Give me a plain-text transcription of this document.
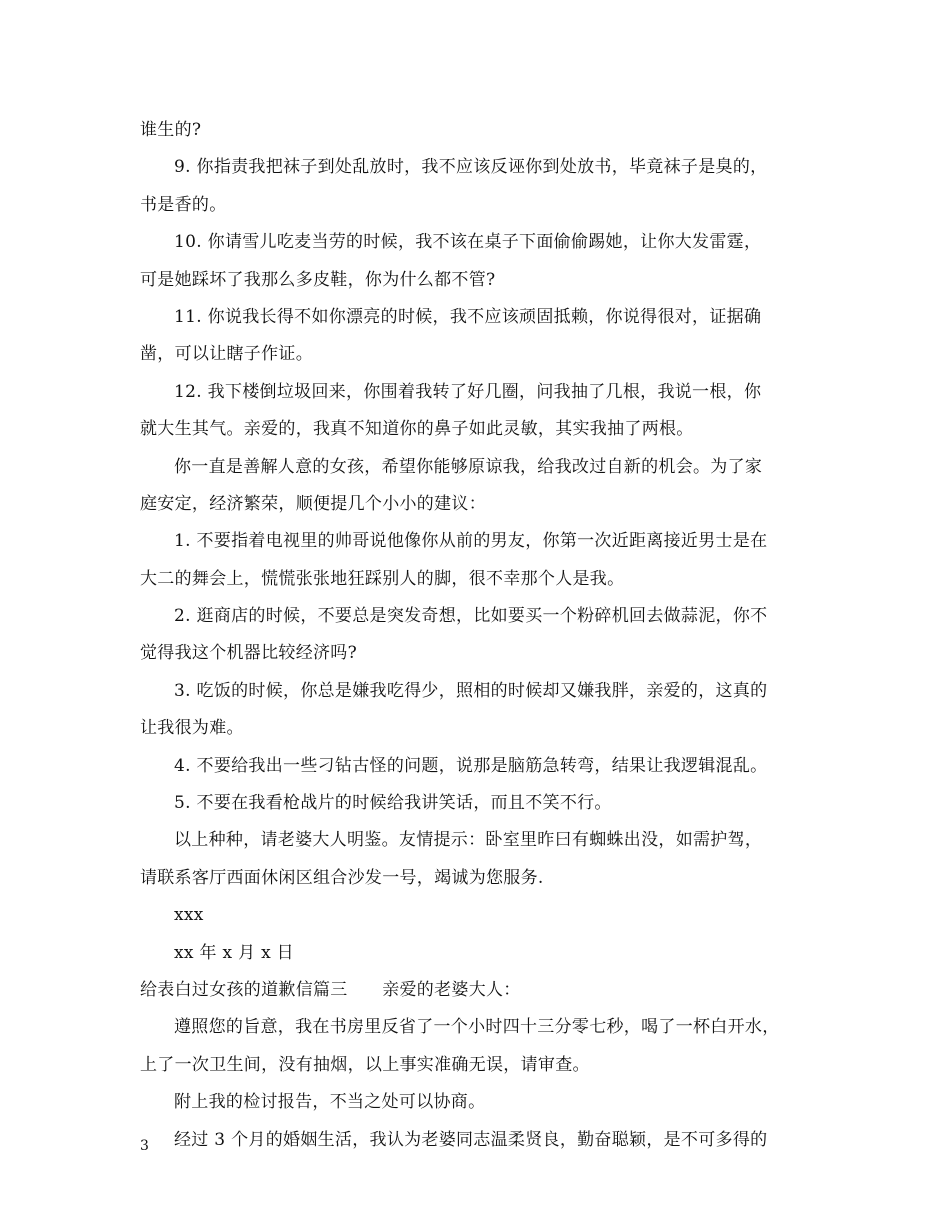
谁生的?
9. 你指责我把袜子到处乱放时，我不应该反诬你到处放书，毕竟袜子是臭的，
书是香的。
10. 你请雪儿吃麦当劳的时候，我不该在桌子下面偷偷踢她，让你大发雷霆，
可是她踩坏了我那么多皮鞋，你为什么都不管?
11. 你说我长得不如你漂亮的时候，我不应该顽固抵赖，你说得很对，证据确
凿，可以让瞎子作证。
12. 我下楼倒垃圾回来，你围着我转了好几圈，问我抽了几根，我说一根，你
就大生其气。亲爱的，我真不知道你的鼻子如此灵敏，其实我抽了两根。
你一直是善解人意的女孩，希望你能够原谅我，给我改过自新的机会。为了家
庭安定，经济繁荣，顺便提几个小小的建议：
1. 不要指着电视里的帅哥说他像你从前的男友，你第一次近距离接近男士是在
大二的舞会上，慌慌张张地狂踩别人的脚，很不幸那个人是我。
2. 逛商店的时候，不要总是突发奇想，比如要买一个粉碎机回去做蒜泥，你不
觉得我这个机器比较经济吗?
3. 吃饭的时候，你总是嫌我吃得少，照相的时候却又嫌我胖，亲爱的，这真的
让我很为难。
4. 不要给我出一些刁钻古怪的问题，说那是脑筋急转弯，结果让我逻辑混乱。
5. 不要在我看枪战片的时候给我讲笑话，而且不笑不行。
以上种种，请老婆大人明鉴。友情提示：卧室里昨曰有蜘蛛出没，如需护驾，
请联系客厅西面休闲区组合沙发一号，竭诚为您服务.
xxx
xx 年 x 月 x 日
给表白过女孩的道歉信篇三　　亲爱的老婆大人：
遵照您的旨意，我在书房里反省了一个小时四十三分零七秒，喝了一杯白开水，
上了一次卫生间，没有抽烟，以上事实准确无误，请审查。
附上我的检讨报告，不当之处可以协商。
经过 3 个月的婚姻生活，我认为老婆同志温柔贤良，勤奋聪颖，是不可多得的
3
